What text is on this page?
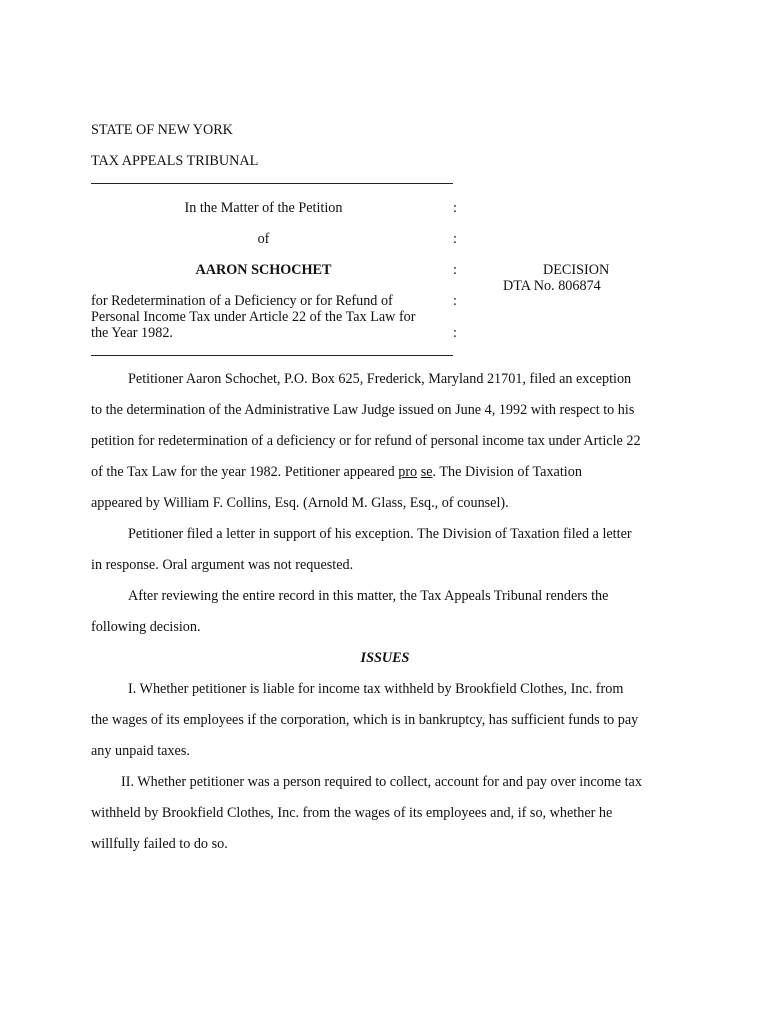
STATE OF NEW YORK
TAX APPEALS TRIBUNAL
In the Matter of the Petition	:
of	:
AARON SCHOCHET	:
for Redetermination of a Deficiency or for Refund of	:
Personal Income Tax under Article 22 of the Tax Law for
the Year 1982.	:
DECISION
DTA No. 806874
Petitioner Aaron Schochet, P.O. Box 625, Frederick, Maryland 21701, filed an exception
to the determination of the Administrative Law Judge issued on June 4, 1992 with respect to his
petition for redetermination of a deficiency or for refund of personal income tax under Article 22
of the Tax Law for the year 1982. Petitioner appeared pro se. The Division of Taxation
appeared by William F. Collins, Esq. (Arnold M. Glass, Esq., of counsel).
Petitioner filed a letter in support of his exception. The Division of Taxation filed a letter
in response. Oral argument was not requested.
After reviewing the entire record in this matter, the Tax Appeals Tribunal renders the
following decision.
ISSUES
I. Whether petitioner is liable for income tax withheld by Brookfield Clothes, Inc. from
the wages of its employees if the corporation, which is in bankruptcy, has sufficient funds to pay
any unpaid taxes.
II. Whether petitioner was a person required to collect, account for and pay over income tax
withheld by Brookfield Clothes, Inc. from the wages of its employees and, if so, whether he
willfully failed to do so.
